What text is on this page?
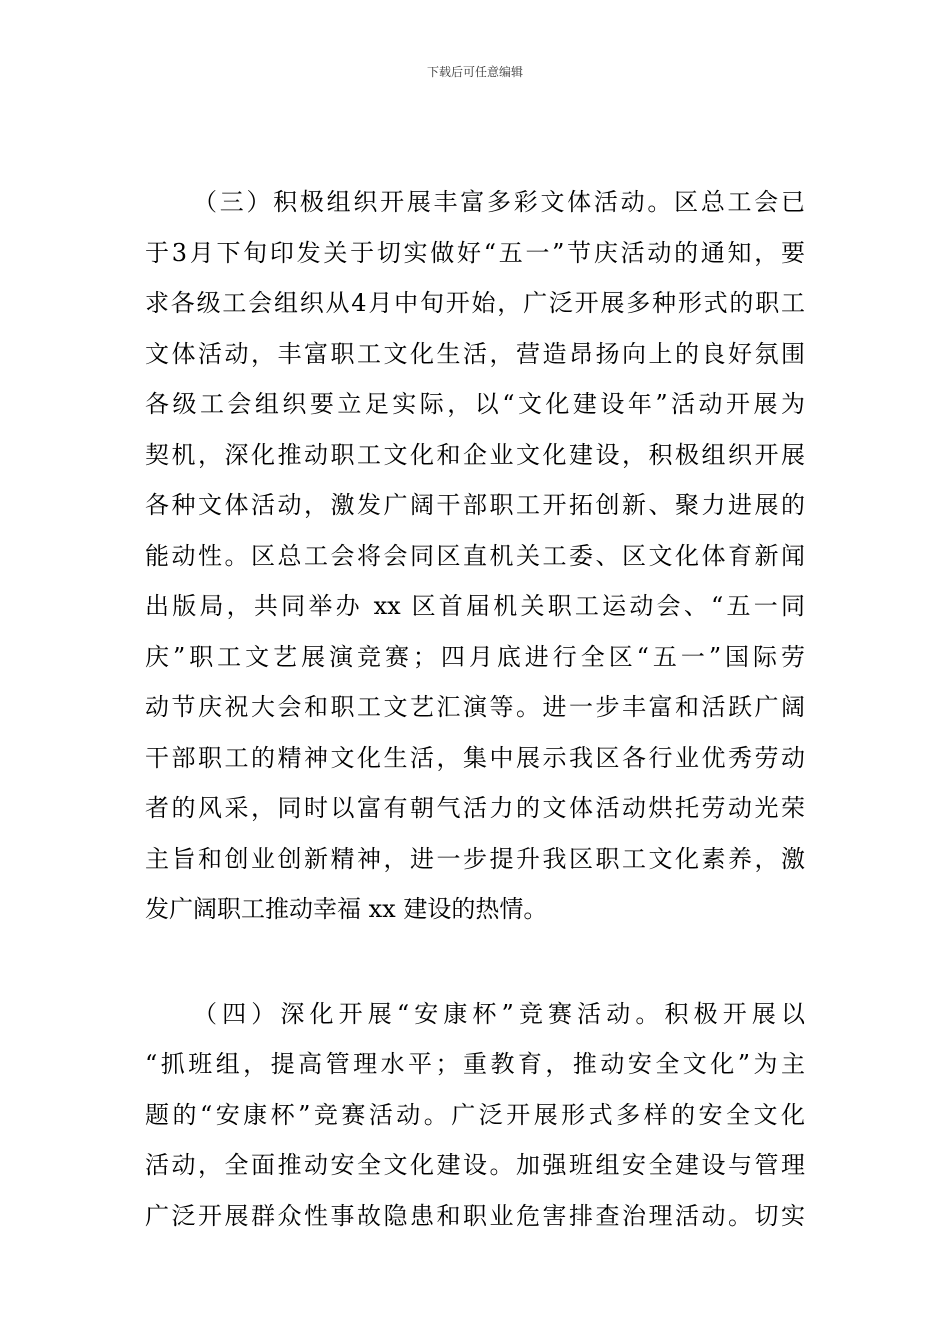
下载后可任意编辑
（三）积极组织开展丰富多彩文体活动。区总工会已
于3月下旬印发关于切实做好“五一”节庆活动的通知，要
求各级工会组织从4月中旬开始，广泛开展多种形式的职工
文体活动，丰富职工文化生活，营造昂扬向上的良好氛围
各级工会组织要立足实际，以“文化建设年”活动开展为
契机，深化推动职工文化和企业文化建设，积极组织开展
各种文体活动，激发广阔干部职工开拓创新、聚力进展的
能动性。区总工会将会同区直机关工委、区文化体育新闻
出版局，共同举办 xx 区首届机关职工运动会、“五一同
庆”职工文艺展演竞赛；四月底进行全区“五一”国际劳
动节庆祝大会和职工文艺汇演等。进一步丰富和活跃广阔
干部职工的精神文化生活，集中展示我区各行业优秀劳动
者的风采，同时以富有朝气活力的文体活动烘托劳动光荣
主旨和创业创新精神，进一步提升我区职工文化素养，激
发广阔职工推动幸福 xx 建设的热情。
（四）深化开展“安康杯”竞赛活动。积极开展以
“抓班组，提高管理水平；重教育，推动安全文化”为主
题的“安康杯”竞赛活动。广泛开展形式多样的安全文化
活动，全面推动安全文化建设。加强班组安全建设与管理
广泛开展群众性事故隐患和职业危害排查治理活动。切实
